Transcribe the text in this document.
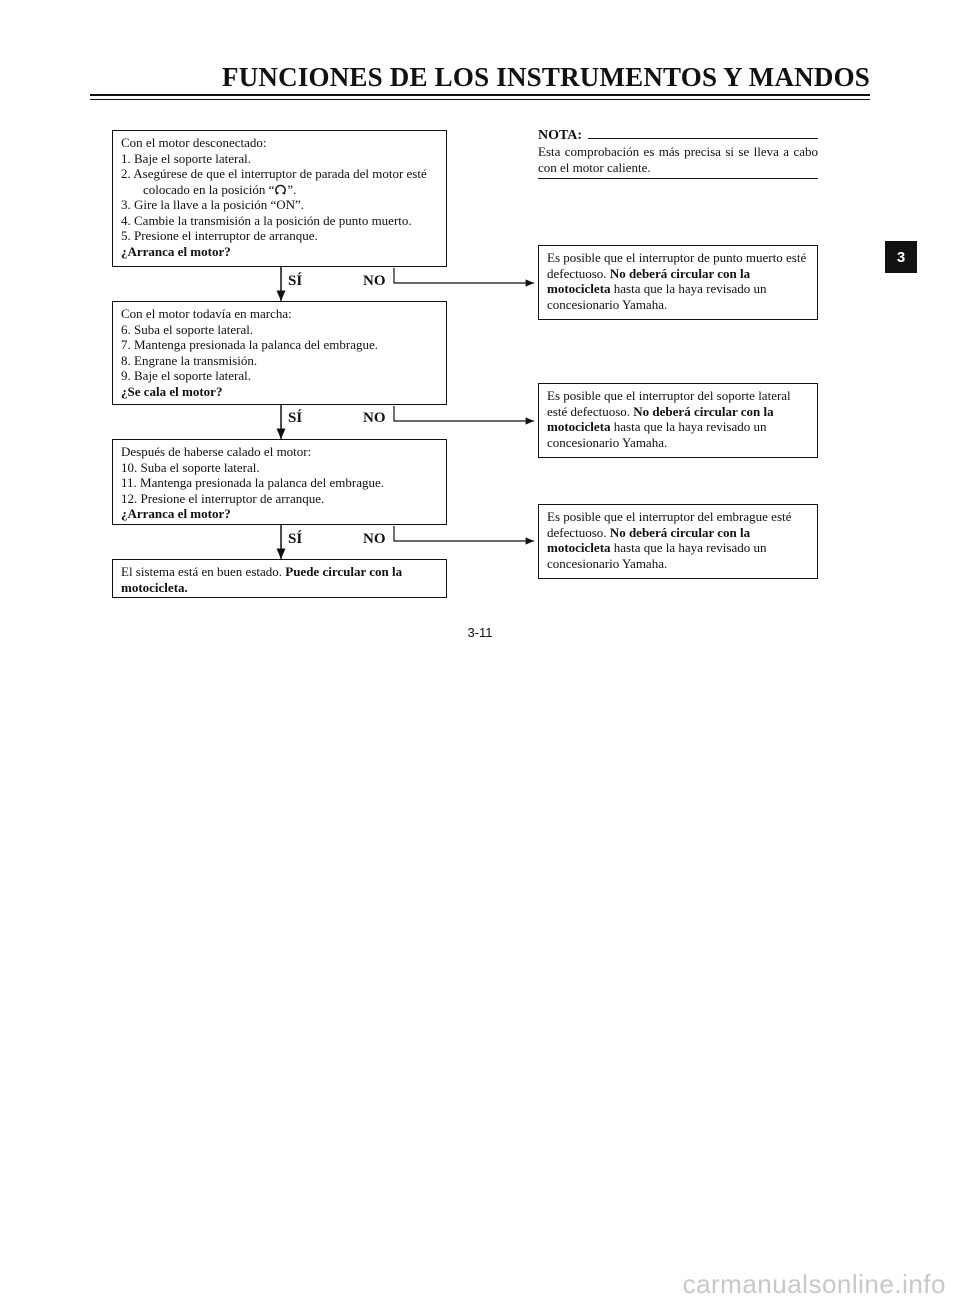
FUNCIONES DE LOS INSTRUMENTOS Y MANDOS
3

Con el motor desconectado:

1. Baje el soporte lateral.

2. Asegúrese de que el interruptor de parada del motor esté

colocado en la posición “ ”.

3. Gire la llave a la posición “ON”.

4. Cambie la transmisión a la posición de punto muerto.

5. Presione el interruptor de arranque.

¿Arranca el motor?

SÍ	NO

Con el motor todavía en marcha:

6. Suba el soporte lateral.

7. Mantenga presionada la palanca del embrague.

8. Engrane la transmisión.

9. Baje el soporte lateral.

¿Se cala el motor?

SÍ	NO

Después de haberse calado el motor:

10. Suba el soporte lateral.

11. Mantenga presionada la palanca del embrague.

12. Presione el interruptor de arranque.

¿Arranca el motor?

SÍ	NO

El sistema está en buen estado. Puede circular con la motocicleta.

NOTA:
Esta comprobación es más precisa si se lleva a cabo con el motor caliente.

Es posible que el interruptor de punto muerto esté defectuoso. No deberá circular con la motocicleta hasta que la haya revisado un concesionario Yamaha.

Es posible que el interruptor del soporte lateral esté defectuoso. No deberá circular con la motocicleta hasta que la haya revisado un concesionario Yamaha.

Es posible que el interruptor del embrague esté defectuoso. No deberá circular con la motocicleta hasta que la haya revisado un concesionario Yamaha.

3-11
carmanualsonline.info
